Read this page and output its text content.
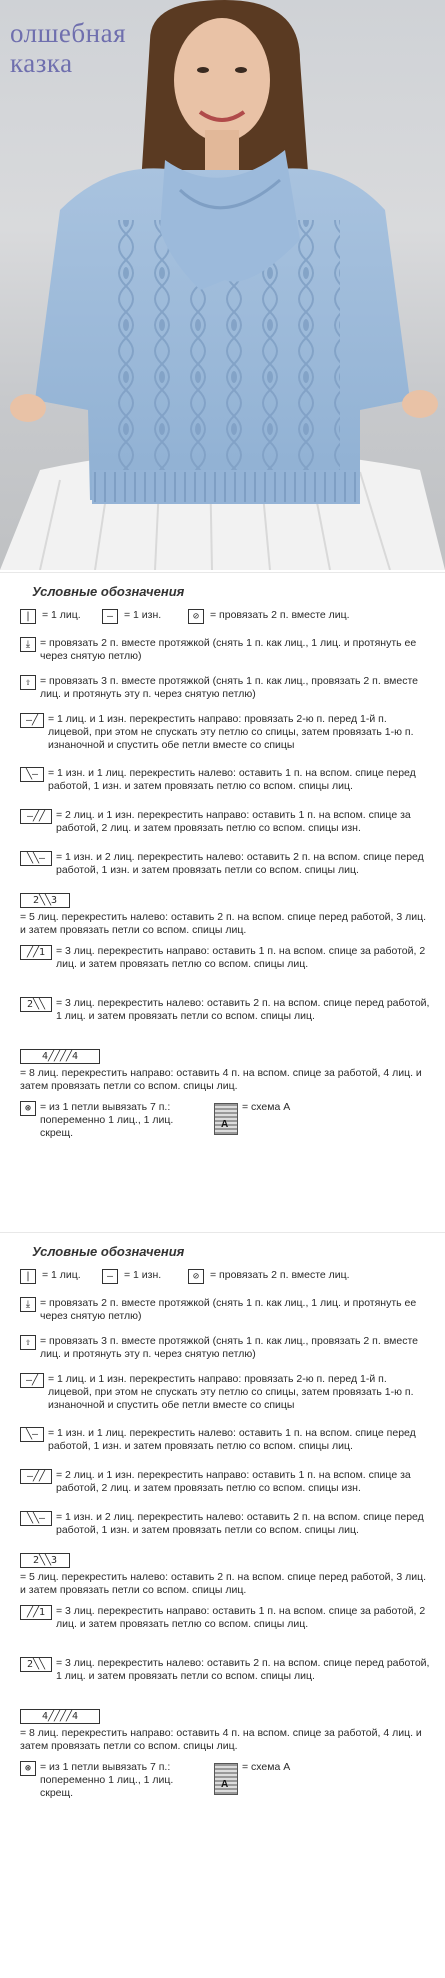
олшебная
казка
Условные обозначения
|	= 1 лиц.	–	= 1 изн.	⊘	= провязать 2 п. вместе лиц.
⤓ = провязать 2 п. вместе протяжкой (снять 1 п. как лиц., 1 лиц. и протянуть ее через снятую петлю)
⇧ = провязать 3 п. вместе протяжкой (снять 1 п. как лиц., провязать 2 п. вместе лиц. и протянуть эту п. через снятую петлю)
–╱ = 1 лиц. и 1 изн. перекрестить направо: провязать 2-ю п. перед 1-й п. лицевой, при этом не спускать эту петлю со спицы, затем провязать 1-ю п. изнаночной и спустить обе петли вместе со спицы
╲– = 1 изн. и 1 лиц. перекрестить налево: оставить 1 п. на вспом. спице перед работой, 1 изн. и затем провязать петлю со вспом. спицы лиц.
–╱╱	= 2 лиц. и 1 изн. перекрестить направо: оставить 1 п. на вспом. спице за работой, 2 лиц. и затем провязать петлю со вспом. спицы изн.
╲╲–	= 1 изн. и 2 лиц. перекрестить налево: оставить 2 п. на вспом. спице перед работой, 1 изн. и затем провязать петли со вспом. спицы лиц.
2╲╲3
= 5 лиц. перекрестить налево: оставить 2 п. на вспом. спице перед работой, 3 лиц. и затем провязать петли со вспом. спицы лиц.
╱╱1	= 3 лиц. перекрестить направо: оставить 1 п. на вспом. спице за работой, 2 лиц. и затем провязать петлю со вспом. спицы лиц.
2╲╲	= 3 лиц. перекрестить налево: оставить 2 п. на вспом. спице перед работой, 1 лиц. и затем провязать петли со вспом. спицы лиц.
4╱╱╱╱4
= 8 лиц. перекрестить направо: оставить 4 п. на вспом. спице за работой, 4 лиц. и затем провязать петли со вспом. спицы лиц.
⊛ = из 1 петли вывязать 7 п.: попеременно 1 лиц., 1 лиц. скрещ.
A
= схема А
Условные обозначения
|	= 1 лиц.	–	= 1 изн.	⊘	= провязать 2 п. вместе лиц.
⤓ = провязать 2 п. вместе протяжкой (снять 1 п. как лиц., 1 лиц. и протянуть ее через снятую петлю)
⇧ = провязать 3 п. вместе протяжкой (снять 1 п. как лиц., провязать 2 п. вместе лиц. и протянуть эту п. через снятую петлю)
–╱ = 1 лиц. и 1 изн. перекрестить направо: провязать 2-ю п. перед 1-й п. лицевой, при этом не спускать эту петлю со спицы, затем провязать 1-ю п. изнаночной и спустить обе петли вместе со спицы
╲– = 1 изн. и 1 лиц. перекрестить налево: оставить 1 п. на вспом. спице перед работой, 1 изн. и затем провязать петлю со вспом. спицы лиц.
–╱╱	= 2 лиц. и 1 изн. перекрестить направо: оставить 1 п. на вспом. спице за работой, 2 лиц. и затем провязать петлю со вспом. спицы изн.
╲╲–	= 1 изн. и 2 лиц. перекрестить налево: оставить 2 п. на вспом. спице перед работой, 1 изн. и затем провязать петли со вспом. спицы лиц.
2╲╲3
= 5 лиц. перекрестить налево: оставить 2 п. на вспом. спице перед работой, 3 лиц. и затем провязать петли со вспом. спицы лиц.
╱╱1	= 3 лиц. перекрестить направо: оставить 1 п. на вспом. спице за работой, 2 лиц. и затем провязать петлю со вспом. спицы лиц.
2╲╲	= 3 лиц. перекрестить налево: оставить 2 п. на вспом. спице перед работой, 1 лиц. и затем провязать петли со вспом. спицы лиц.
4╱╱╱╱4
= 8 лиц. перекрестить направо: оставить 4 п. на вспом. спице за работой, 4 лиц. и затем провязать петли со вспом. спицы лиц.
⊛ = из 1 петли вывязать 7 п.: попеременно 1 лиц., 1 лиц. скрещ.
A
= схема А
